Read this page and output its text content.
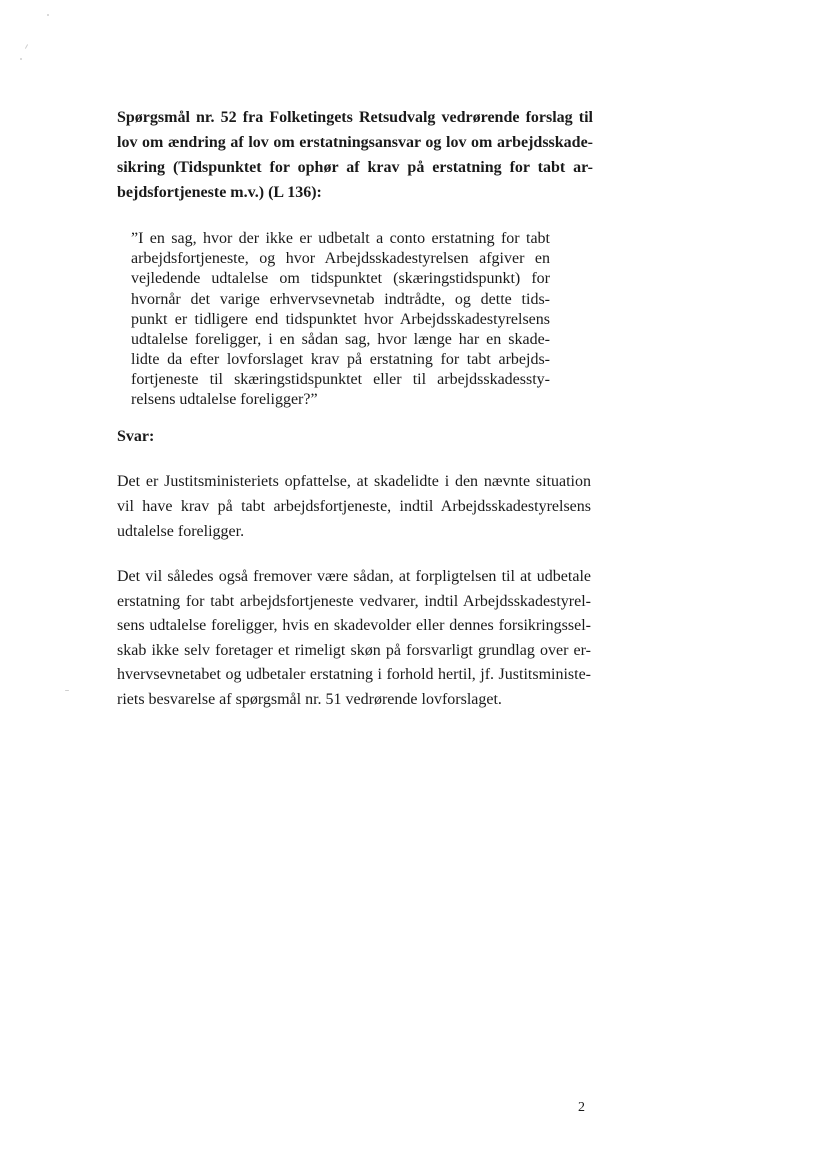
Spørgsmål nr. 52 fra Folketingets Retsudvalg vedrørende forslag til
lov om ændring af lov om erstatningsansvar og lov om arbejdsskade-
sikring (Tidspunktet for ophør af krav på erstatning for tabt ar-
bejdsfortjeneste m.v.) (L 136):
”I en sag, hvor der ikke er udbetalt a conto erstatning for tabt
arbejdsfortjeneste, og hvor Arbejdsskadestyrelsen afgiver en
vejledende udtalelse om tidspunktet (skæringstidspunkt) for
hvornår det varige erhvervsevnetab indtrådte, og dette tids-
punkt er tidligere end tidspunktet hvor Arbejdsskadestyrelsens
udtalelse foreligger, i en sådan sag, hvor længe har en skade-
lidte da efter lovforslaget krav på erstatning for tabt arbejds-
fortjeneste til skæringstidspunktet eller til arbejdsskadessty-
relsens udtalelse foreligger?”
Svar:
Det er Justitsministeriets opfattelse, at skadelidte i den nævnte situation
vil have krav på tabt arbejdsfortjeneste, indtil Arbejdsskadestyrelsens
udtalelse foreligger.
Det vil således også fremover være sådan, at forpligtelsen til at udbetale
erstatning for tabt arbejdsfortjeneste vedvarer, indtil Arbejdsskadestyrel-
sens udtalelse foreligger, hvis en skadevolder eller dennes forsikringssel-
skab ikke selv foretager et rimeligt skøn på forsvarligt grundlag over er-
hvervsevnetabet og udbetaler erstatning i forhold hertil, jf. Justitsministe-
riets besvarelse af spørgsmål nr. 51 vedrørende lovforslaget.
2
